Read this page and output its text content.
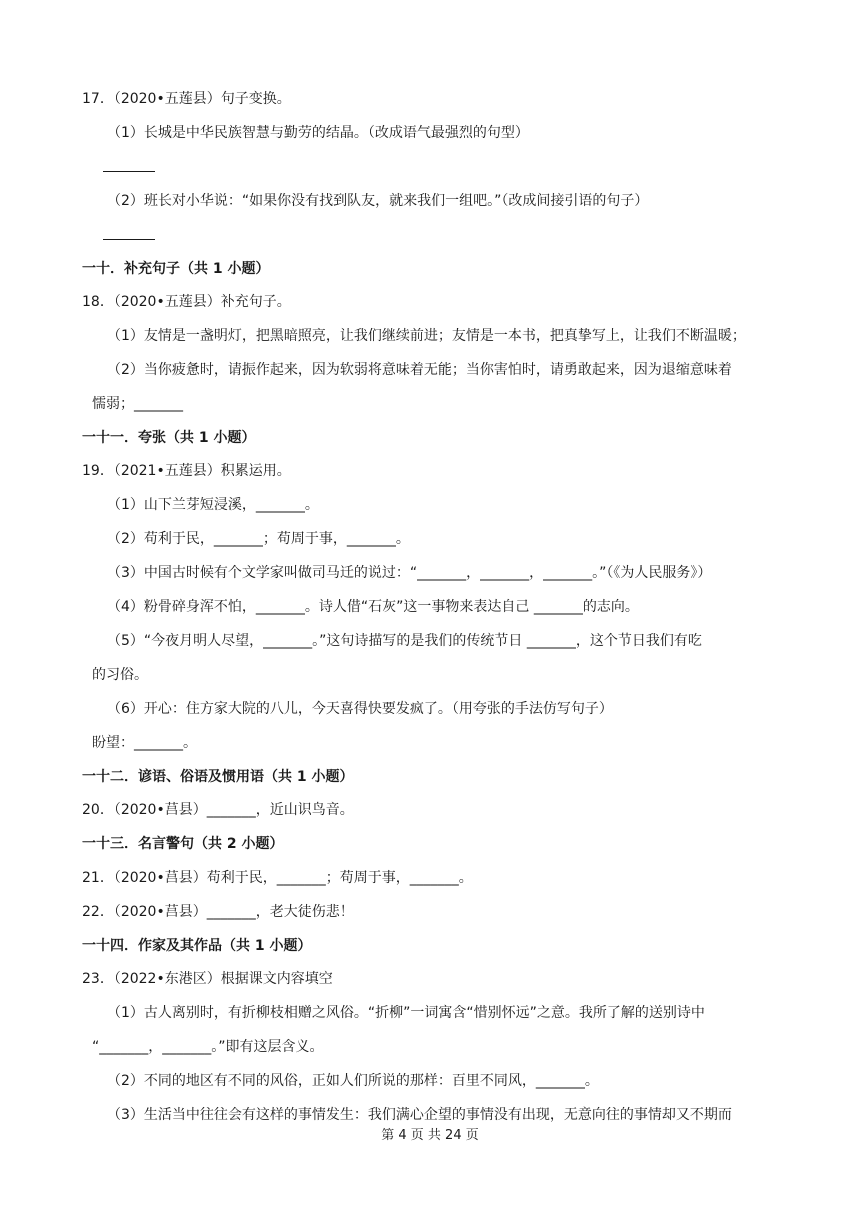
17．（2020•五莲县）句子变换。
（1）长城是中华民族智慧与勤劳的结晶。（改成语气最强烈的句型）
（2）班长对小华说：“如果你没有找到队友，就来我们一组吧。”（改成间接引语的句子）
一十．补充句子（共 1 小题）
18．（2020•五莲县）补充句子。
（1）友情是一盏明灯，把黑暗照亮，让我们继续前进；友情是一本书，把真挚写上，让我们不断温暖；
（2）当你疲惫时，请振作起来，因为软弱将意味着无能；当你害怕时，请勇敢起来，因为退缩意味着
懦弱；_______
一十一．夸张（共 1 小题）
19．（2021•五莲县）积累运用。
（1）山下兰芽短浸溪，_______。
（2）苟利于民，_______；苟周于事，_______。
（3）中国古时候有个文学家叫做司马迁的说过：“_______，_______，_______。”（《为人民服务》）
（4）粉骨碎身浑不怕，_______。诗人借“石灰”这一事物来表达自己 _______的志向。
（5）“今夜月明人尽望，_______。”这句诗描写的是我们的传统节日 _______，这个节日我们有吃
的习俗。
（6）开心：住方家大院的八儿，今天喜得快要发疯了。（用夸张的手法仿写句子）
盼望：_______。
一十二．谚语、俗语及惯用语（共 1 小题）
20．（2020•莒县）_______，近山识鸟音。
一十三．名言警句（共 2 小题）
21．（2020•莒县）苟利于民，_______；苟周于事，_______。
22．（2020•莒县）_______，老大徒伤悲！
一十四．作家及其作品（共 1 小题）
23．（2022•东港区）根据课文内容填空
（1）古人离别时，有折柳枝相赠之风俗。“折柳”一词寓含“惜别怀远”之意。我所了解的送别诗中
“_______，_______。”即有这层含义。
（2）不同的地区有不同的风俗，正如人们所说的那样：百里不同风，_______。
（3）生活当中往往会有这样的事情发生：我们满心企望的事情没有出现，无意向往的事情却又不期而
第 4 页 共 24 页
